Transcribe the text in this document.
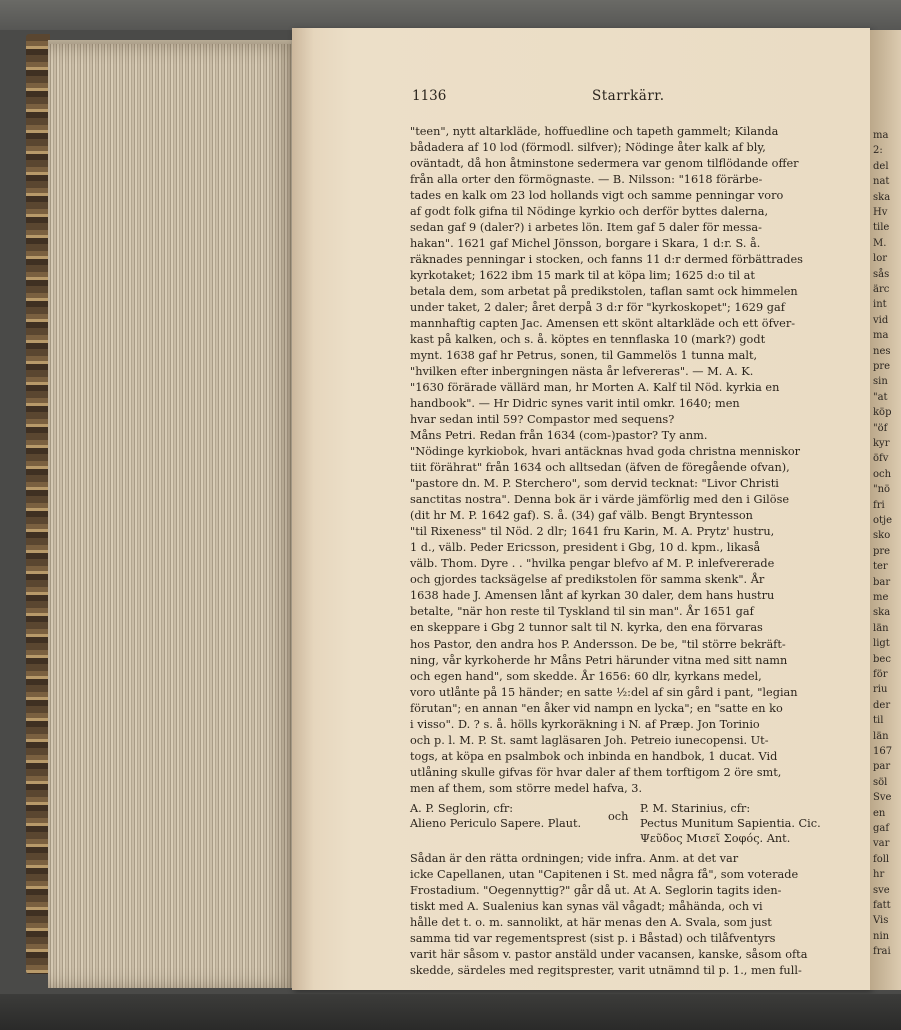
1136	Starrkärr.
"teen", nytt altarkläde, hoffuedline och tapeth gammelt; Kilanda
bådadera af 10 lod (förmodl. silfver); Nödinge åter kalk af bly,
oväntadt, då hon åtminstone sedermera var genom tilflödande offer
från alla orter den förmögnaste. — B. Nilsson: "1618 förärbe-
tades en kalk om 23 lod hollands vigt och samme penningar voro
af godt folk gifna til Nödinge kyrkio och derför byttes dalerna,
sedan gaf 9 (daler?) i arbetes lön. Item gaf 5 daler för messa-
hakan". 1621 gaf Michel Jönsson, borgare i Skara, 1 d:r. S. å.
räknades penningar i stocken, och fanns 11 d:r dermed förbättrades
kyrkotaket; 1622 ibm 15 mark til at köpa lim; 1625 d:o til at
betala dem, som arbetat på predikstolen, taflan samt ock himmelen
under taket, 2 daler; året derpå 3 d:r för "kyrkoskopet"; 1629 gaf
mannhaftig capten Jac. Amensen ett skönt altarkläde och ett öfver-
kast på kalken, och s. å. köptes en tennflaska 10 (mark?) godt
mynt. 1638 gaf hr Petrus, sonen, til Gammelös 1 tunna malt,
"hvilken efter inbergningen nästa år lefvereras". — M. A. K.
"1630 förärade vällärd man, hr Morten A. Kalf til Nöd. kyrkia en
handbook". — Hr Didric synes varit intil omkr. 1640; men
hvar sedan intil 59? Compastor med sequens?
Måns Petri. Redan från 1634 (com-)pastor? Ty anm.
"Nödinge kyrkiobok, hvari antäcknas hvad goda christna menniskor
tiit förährat" från 1634 och alltsedan (äfven de föregående ofvan),
"pastore dn. M. P. Sterchero", som dervid tecknat: "Livor Christi
sanctitas nostra". Denna bok är i värde jämförlig med den i Gilöse
(dit hr M. P. 1642 gaf). S. å. (34) gaf välb. Bengt Bryntesson
"til Rixeness" til Nöd. 2 dlr; 1641 fru Karin, M. A. Prytz' hustru,
1 d., välb. Peder Ericsson, president i Gbg, 10 d. kpm., likaså
välb. Thom. Dyre . . "hvilka pengar blefvo af M. P. inlefvererade
och gjordes tacksägelse af predikstolen för samma skenk". År
1638 hade J. Amensen lånt af kyrkan 30 daler, dem hans hustru
betalte, "när hon reste til Tyskland til sin man". År 1651 gaf
en skeppare i Gbg 2 tunnor salt til N. kyrka, den ena förvaras
hos Pastor, den andra hos P. Andersson. De be, "til större bekräft-
ning, vår kyrkoherde hr Måns Petri härunder vitna med sitt namn
och egen hand", som skedde. År 1656: 60 dlr, kyrkans medel,
voro utlånte på 15 händer; en satte ½:del af sin gård i pant, "legian
förutan"; en annan "en åker vid nampn en lycka"; en "satte en ko
i visso". D. ? s. å. hölls kyrkoräkning i N. af Præp. Jon Torinio
och p. l. M. P. St. samt lagläsaren Joh. Petreio iunecopensi. Ut-
togs, at köpa en psalmbok och inbinda en handbok, 1 ducat. Vid
utlåning skulle gifvas för hvar daler af them torftigom 2 öre smt,
men af them, som större medel hafva, 3.
A. P. Seglorin, cfr:
Alieno Periculo Sapere. Plaut.
och
P. M. Starinius, cfr:
Pectus Munitum Sapientia. Cic.
Ψεῦδος Μισεῖ Σοφός. Ant.
Sådan är den rätta ordningen; vide infra. Anm. at det var
icke Capellanen, utan "Capitenen i St. med några få", som voterade
Frostadium. "Oegennyttig?" går då ut. At A. Seglorin tagits iden-
tiskt med A. Sualenius kan synas väl vågadt; måhända, och vi
hålle det t. o. m. sannolikt, at här menas den A. Svala, som just
samma tid var regementsprest (sist p. i Båstad) och tilåfventyrs
varit här såsom v. pastor anstäld under vacansen, kanske, såsom ofta
skedde, särdeles med regitsprester, varit utnämnd til p. 1., men full-
ma
2:
del
nat
ska
Hv
tile
M.
lor
sås
ärc
int
vid
ma
nes
pre
sin
"at
köp
"öf
kyr
öfv
och
"nö
fri
otje
sko
pre
ter
bar
me
ska
län
ligt
bec
för
riu
der
til
län
167
par
söl
Sve
en
gaf
var
foll
hr
sve
fatt
Vis
nin
frai
